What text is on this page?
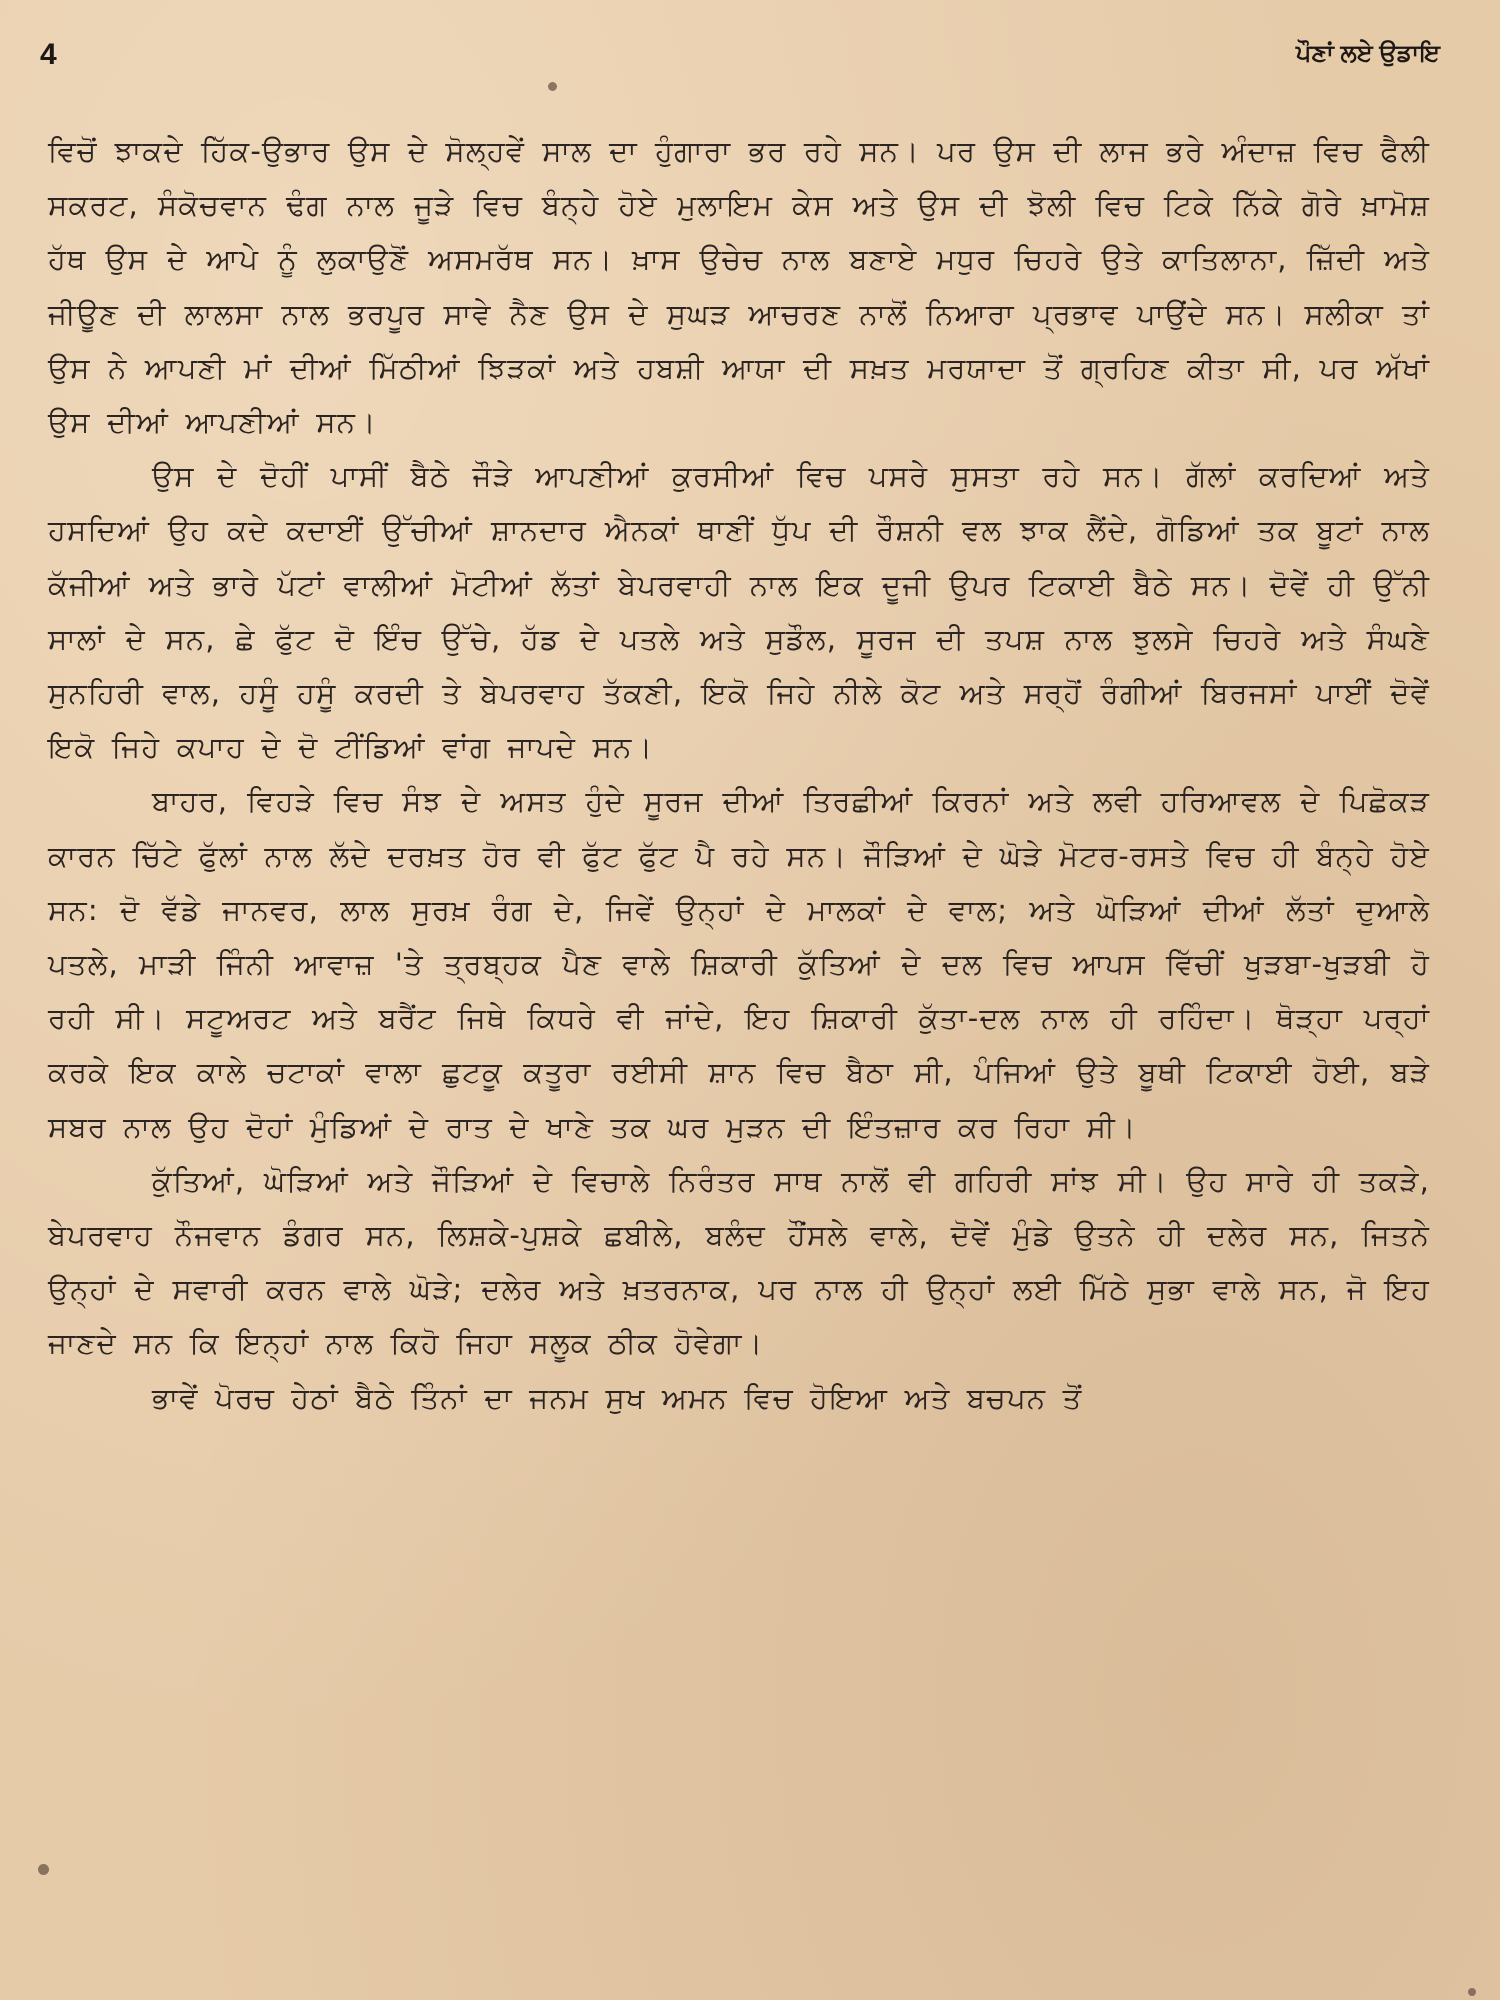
4	ਪੌਣਾਂ ਲਏ ਉਡਾਇ

ਵਿਚੋਂ ਝਾਕਦੇ ਹਿੱਕ-ਉਭਾਰ ਉਸ ਦੇ ਸੋਲ੍ਹਵੇਂ ਸਾਲ ਦਾ ਹੁੰਗਾਰਾ ਭਰ ਰਹੇ ਸਨ। ਪਰ ਉਸ ਦੀ ਲਾਜ ਭਰੇ ਅੰਦਾਜ਼ ਵਿਚ ਫੈਲੀ ਸਕਰਟ, ਸੰਕੋਚਵਾਨ ਢੰਗ ਨਾਲ ਜੂੜੇ ਵਿਚ ਬੰਨ੍ਹੇ ਹੋਏ ਮੁਲਾਇਮ ਕੇਸ ਅਤੇ ਉਸ ਦੀ ਝੋਲੀ ਵਿਚ ਟਿਕੇ ਨਿੱਕੇ ਗੋਰੇ ਖ਼ਾਮੋਸ਼ ਹੱਥ ਉਸ ਦੇ ਆਪੇ ਨੂੰ ਲੁਕਾਉਣੋਂ ਅਸਮਰੱਥ ਸਨ। ਖ਼ਾਸ ਉਚੇਚ ਨਾਲ ਬਣਾਏ ਮਧੁਰ ਚਿਹਰੇ ਉਤੇ ਕਾਤਿਲਾਨਾ, ਜ਼ਿੱਦੀ ਅਤੇ ਜੀਊਣ ਦੀ ਲਾਲਸਾ ਨਾਲ ਭਰਪੂਰ ਸਾਵੇ ਨੈਣ ਉਸ ਦੇ ਸੁਘੜ ਆਚਰਣ ਨਾਲੋਂ ਨਿਆਰਾ ਪ੍ਰਭਾਵ ਪਾਉਂਦੇ ਸਨ। ਸਲੀਕਾ ਤਾਂ ਉਸ ਨੇ ਆਪਣੀ ਮਾਂ ਦੀਆਂ ਮਿੱਠੀਆਂ ਝਿੜਕਾਂ ਅਤੇ ਹਬਸ਼ੀ ਆਯਾ ਦੀ ਸਖ਼ਤ ਮਰਯਾਦਾ ਤੋਂ ਗ੍ਰਹਿਣ ਕੀਤਾ ਸੀ, ਪਰ ਅੱਖਾਂ ਉਸ ਦੀਆਂ ਆਪਣੀਆਂ ਸਨ।

ਉਸ ਦੇ ਦੋਹੀਂ ਪਾਸੀਂ ਬੈਠੇ ਜੌੜੇ ਆਪਣੀਆਂ ਕੁਰਸੀਆਂ ਵਿਚ ਪਸਰੇ ਸੁਸਤਾ ਰਹੇ ਸਨ। ਗੱਲਾਂ ਕਰਦਿਆਂ ਅਤੇ ਹਸਦਿਆਂ ਉਹ ਕਦੇ ਕਦਾਈਂ ਉੱਚੀਆਂ ਸ਼ਾਨਦਾਰ ਐਨਕਾਂ ਥਾਣੀਂ ਧੁੱਪ ਦੀ ਰੌਸ਼ਨੀ ਵਲ ਝਾਕ ਲੈਂਦੇ, ਗੋਡਿਆਂ ਤਕ ਬੂਟਾਂ ਨਾਲ ਕੱਜੀਆਂ ਅਤੇ ਭਾਰੇ ਪੱਟਾਂ ਵਾਲੀਆਂ ਮੋਟੀਆਂ ਲੱਤਾਂ ਬੇਪਰਵਾਹੀ ਨਾਲ ਇਕ ਦੂਜੀ ਉਪਰ ਟਿਕਾਈ ਬੈਠੇ ਸਨ। ਦੋਵੇਂ ਹੀ ਉੱਨੀ ਸਾਲਾਂ ਦੇ ਸਨ, ਛੇ ਫੁੱਟ ਦੋ ਇੰਚ ਉੱਚੇ, ਹੱਡ ਦੇ ਪਤਲੇ ਅਤੇ ਸੁਡੌਲ, ਸੂਰਜ ਦੀ ਤਪਸ਼ ਨਾਲ ਝੁਲਸੇ ਚਿਹਰੇ ਅਤੇ ਸੰਘਣੇ ਸੁਨਹਿਰੀ ਵਾਲ, ਹਸੂੰ ਹਸੂੰ ਕਰਦੀ ਤੇ ਬੇਪਰਵਾਹ ਤੱਕਣੀ, ਇਕੋ ਜਿਹੇ ਨੀਲੇ ਕੋਟ ਅਤੇ ਸਰ੍ਹੋਂ ਰੰਗੀਆਂ ਬਿਰਜਸਾਂ ਪਾਈਂ ਦੋਵੇਂ ਇਕੋ ਜਿਹੇ ਕਪਾਹ ਦੇ ਦੋ ਟੀਂਡਿਆਂ ਵਾਂਗ ਜਾਪਦੇ ਸਨ।

ਬਾਹਰ, ਵਿਹੜੇ ਵਿਚ ਸੰਝ ਦੇ ਅਸਤ ਹੁੰਦੇ ਸੂਰਜ ਦੀਆਂ ਤਿਰਛੀਆਂ ਕਿਰਨਾਂ ਅਤੇ ਲਵੀ ਹਰਿਆਵਲ ਦੇ ਪਿਛੋਕੜ ਕਾਰਨ ਚਿੱਟੇ ਫੁੱਲਾਂ ਨਾਲ ਲੱਦੇ ਦਰਖ਼ਤ ਹੋਰ ਵੀ ਫੁੱਟ ਫੁੱਟ ਪੈ ਰਹੇ ਸਨ। ਜੌੜਿਆਂ ਦੇ ਘੋੜੇ ਮੋਟਰ-ਰਸਤੇ ਵਿਚ ਹੀ ਬੰਨ੍ਹੇ ਹੋਏ ਸਨ: ਦੋ ਵੱਡੇ ਜਾਨਵਰ, ਲਾਲ ਸੁਰਖ਼ ਰੰਗ ਦੇ, ਜਿਵੇਂ ਉਨ੍ਹਾਂ ਦੇ ਮਾਲਕਾਂ ਦੇ ਵਾਲ; ਅਤੇ ਘੋੜਿਆਂ ਦੀਆਂ ਲੱਤਾਂ ਦੁਆਲੇ ਪਤਲੇ, ਮਾੜੀ ਜਿੰਨੀ ਆਵਾਜ਼ 'ਤੇ ਤ੍ਰਬ੍ਹਕ ਪੈਣ ਵਾਲੇ ਸ਼ਿਕਾਰੀ ਕੁੱਤਿਆਂ ਦੇ ਦਲ ਵਿਚ ਆਪਸ ਵਿੱਚੀਂ ਖੁੜਬਾ-ਖੁੜਬੀ ਹੋ ਰਹੀ ਸੀ। ਸਟੂਅਰਟ ਅਤੇ ਬਰੈਂਟ ਜਿਥੇ ਕਿਧਰੇ ਵੀ ਜਾਂਦੇ, ਇਹ ਸ਼ਿਕਾਰੀ ਕੁੱਤਾ-ਦਲ ਨਾਲ ਹੀ ਰਹਿੰਦਾ। ਥੋੜ੍ਹਾ ਪਰ੍ਹਾਂ ਕਰਕੇ ਇਕ ਕਾਲੇ ਚਟਾਕਾਂ ਵਾਲਾ ਛੁਟਕੂ ਕਤੂਰਾ ਰਈਸੀ ਸ਼ਾਨ ਵਿਚ ਬੈਠਾ ਸੀ, ਪੰਜਿਆਂ ਉਤੇ ਬੂਥੀ ਟਿਕਾਈ ਹੋਈ, ਬੜੇ ਸਬਰ ਨਾਲ ਉਹ ਦੋਹਾਂ ਮੁੰਡਿਆਂ ਦੇ ਰਾਤ ਦੇ ਖਾਣੇ ਤਕ ਘਰ ਮੁੜਨ ਦੀ ਇੰਤਜ਼ਾਰ ਕਰ ਰਿਹਾ ਸੀ।

ਕੁੱਤਿਆਂ, ਘੋੜਿਆਂ ਅਤੇ ਜੌੜਿਆਂ ਦੇ ਵਿਚਾਲੇ ਨਿਰੰਤਰ ਸਾਥ ਨਾਲੋਂ ਵੀ ਗਹਿਰੀ ਸਾਂਝ ਸੀ। ਉਹ ਸਾਰੇ ਹੀ ਤਕੜੇ, ਬੇਪਰਵਾਹ ਨੌਜਵਾਨ ਡੰਗਰ ਸਨ, ਲਿਸ਼ਕੇ-ਪੁਸ਼ਕੇ ਛਬੀਲੇ, ਬਲੰਦ ਹੌਂਸਲੇ ਵਾਲੇ, ਦੋਵੇਂ ਮੁੰਡੇ ਉਤਨੇ ਹੀ ਦਲੇਰ ਸਨ, ਜਿਤਨੇ ਉਨ੍ਹਾਂ ਦੇ ਸਵਾਰੀ ਕਰਨ ਵਾਲੇ ਘੋੜੇ; ਦਲੇਰ ਅਤੇ ਖ਼ਤਰਨਾਕ, ਪਰ ਨਾਲ ਹੀ ਉਨ੍ਹਾਂ ਲਈ ਮਿੱਠੇ ਸੁਭਾ ਵਾਲੇ ਸਨ, ਜੋ ਇਹ ਜਾਣਦੇ ਸਨ ਕਿ ਇਨ੍ਹਾਂ ਨਾਲ ਕਿਹੋ ਜਿਹਾ ਸਲੂਕ ਠੀਕ ਹੋਵੇਗਾ।

ਭਾਵੇਂ ਪੋਰਚ ਹੇਠਾਂ ਬੈਠੇ ਤਿੰਨਾਂ ਦਾ ਜਨਮ ਸੁਖ ਅਮਨ ਵਿਚ ਹੋਇਆ ਅਤੇ ਬਚਪਨ ਤੋਂ
